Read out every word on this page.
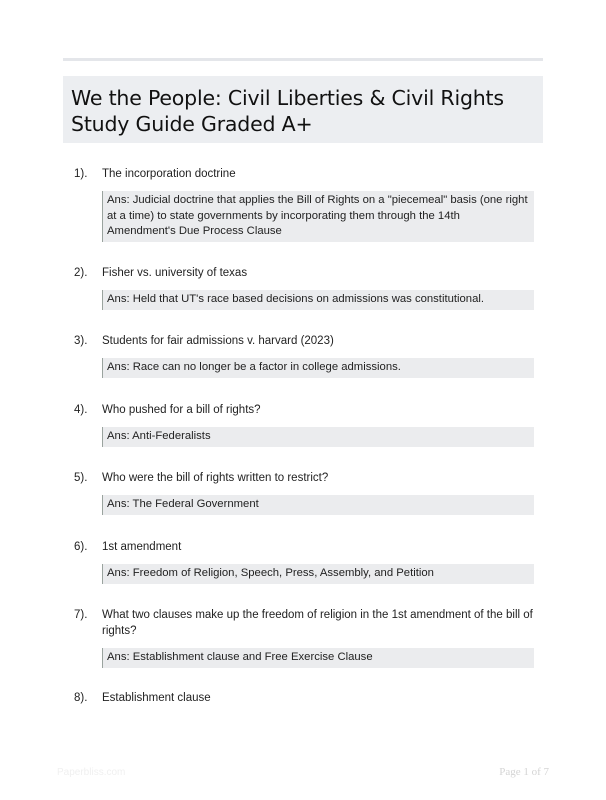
We the People: Civil Liberties & Civil Rights Study Guide Graded A+
1). The incorporation doctrine
Ans: Judicial doctrine that applies the Bill of Rights on a "piecemeal" basis (one right at a time) to state governments by incorporating them through the 14th Amendment's Due Process Clause
2). Fisher vs. university of texas
Ans: Held that UT's race based decisions on admissions was constitutional.
3). Students for fair admissions v. harvard (2023)
Ans: Race can no longer be a factor in college admissions.
4). Who pushed for a bill of rights?
Ans: Anti-Federalists
5). Who were the bill of rights written to restrict?
Ans: The Federal Government
6). 1st amendment
Ans: Freedom of Religion, Speech, Press, Assembly, and Petition
7). What two clauses make up the freedom of religion in the 1st amendment of the bill of rights?
Ans: Establishment clause and Free Exercise Clause
8). Establishment clause
Paperbliss.com	Page 1 of 7
